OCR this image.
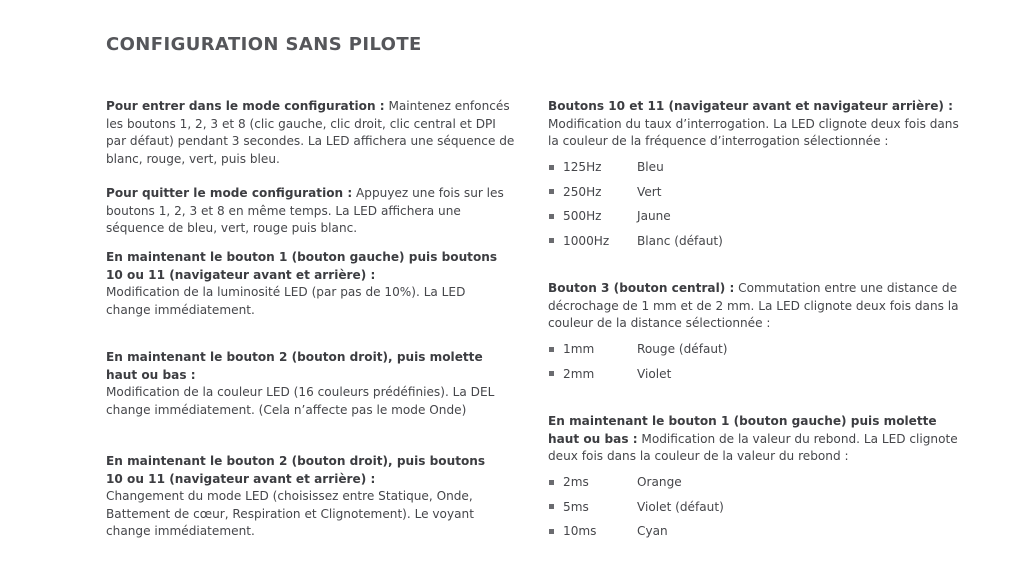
CONFIGURATION SANS PILOTE

Pour entrer dans le mode configuration : Maintenez enfoncés les boutons 1, 2, 3 et 8 (clic gauche, clic droit, clic central et DPI par défaut) pendant 3 secondes. La LED affichera une séquence de blanc, rouge, vert, puis bleu.

Pour quitter le mode configuration : Appuyez une fois sur les boutons 1, 2, 3 et 8 en même temps. La LED affichera une séquence de bleu, vert, rouge puis blanc.

En maintenant le bouton 1 (bouton gauche) puis boutons 10 ou 11 (navigateur avant et arrière) :
Modification de la luminosité LED (par pas de 10%). La LED change immédiatement.

En maintenant le bouton 2 (bouton droit), puis molette haut ou bas :
Modification de la couleur LED (16 couleurs prédéfinies). La DEL change immédiatement. (Cela n’affecte pas le mode Onde)

En maintenant le bouton 2 (bouton droit), puis boutons 10 ou 11 (navigateur avant et arrière) :
Changement du mode LED (choisissez entre Statique, Onde, Battement de cœur, Respiration et Clignotement). Le voyant change immédiatement.

Boutons 10 et 11 (navigateur avant et navigateur arrière) :
Modification du taux d’interrogation. La LED clignote deux fois dans la couleur de la fréquence d’interrogation sélectionnée :

125Hz	Bleu
250Hz	Vert
500Hz	Jaune
1000Hz	Blanc (défaut)

Bouton 3 (bouton central) : Commutation entre une distance de décrochage de 1 mm et de 2 mm. La LED clignote deux fois dans la couleur de la distance sélectionnée :

1mm	Rouge (défaut)
2mm	Violet

En maintenant le bouton 1 (bouton gauche) puis molette haut ou bas : Modification de la valeur du rebond. La LED clignote deux fois dans la couleur de la valeur du rebond :

2ms	Orange
5ms	Violet (défaut)
10ms	Cyan
